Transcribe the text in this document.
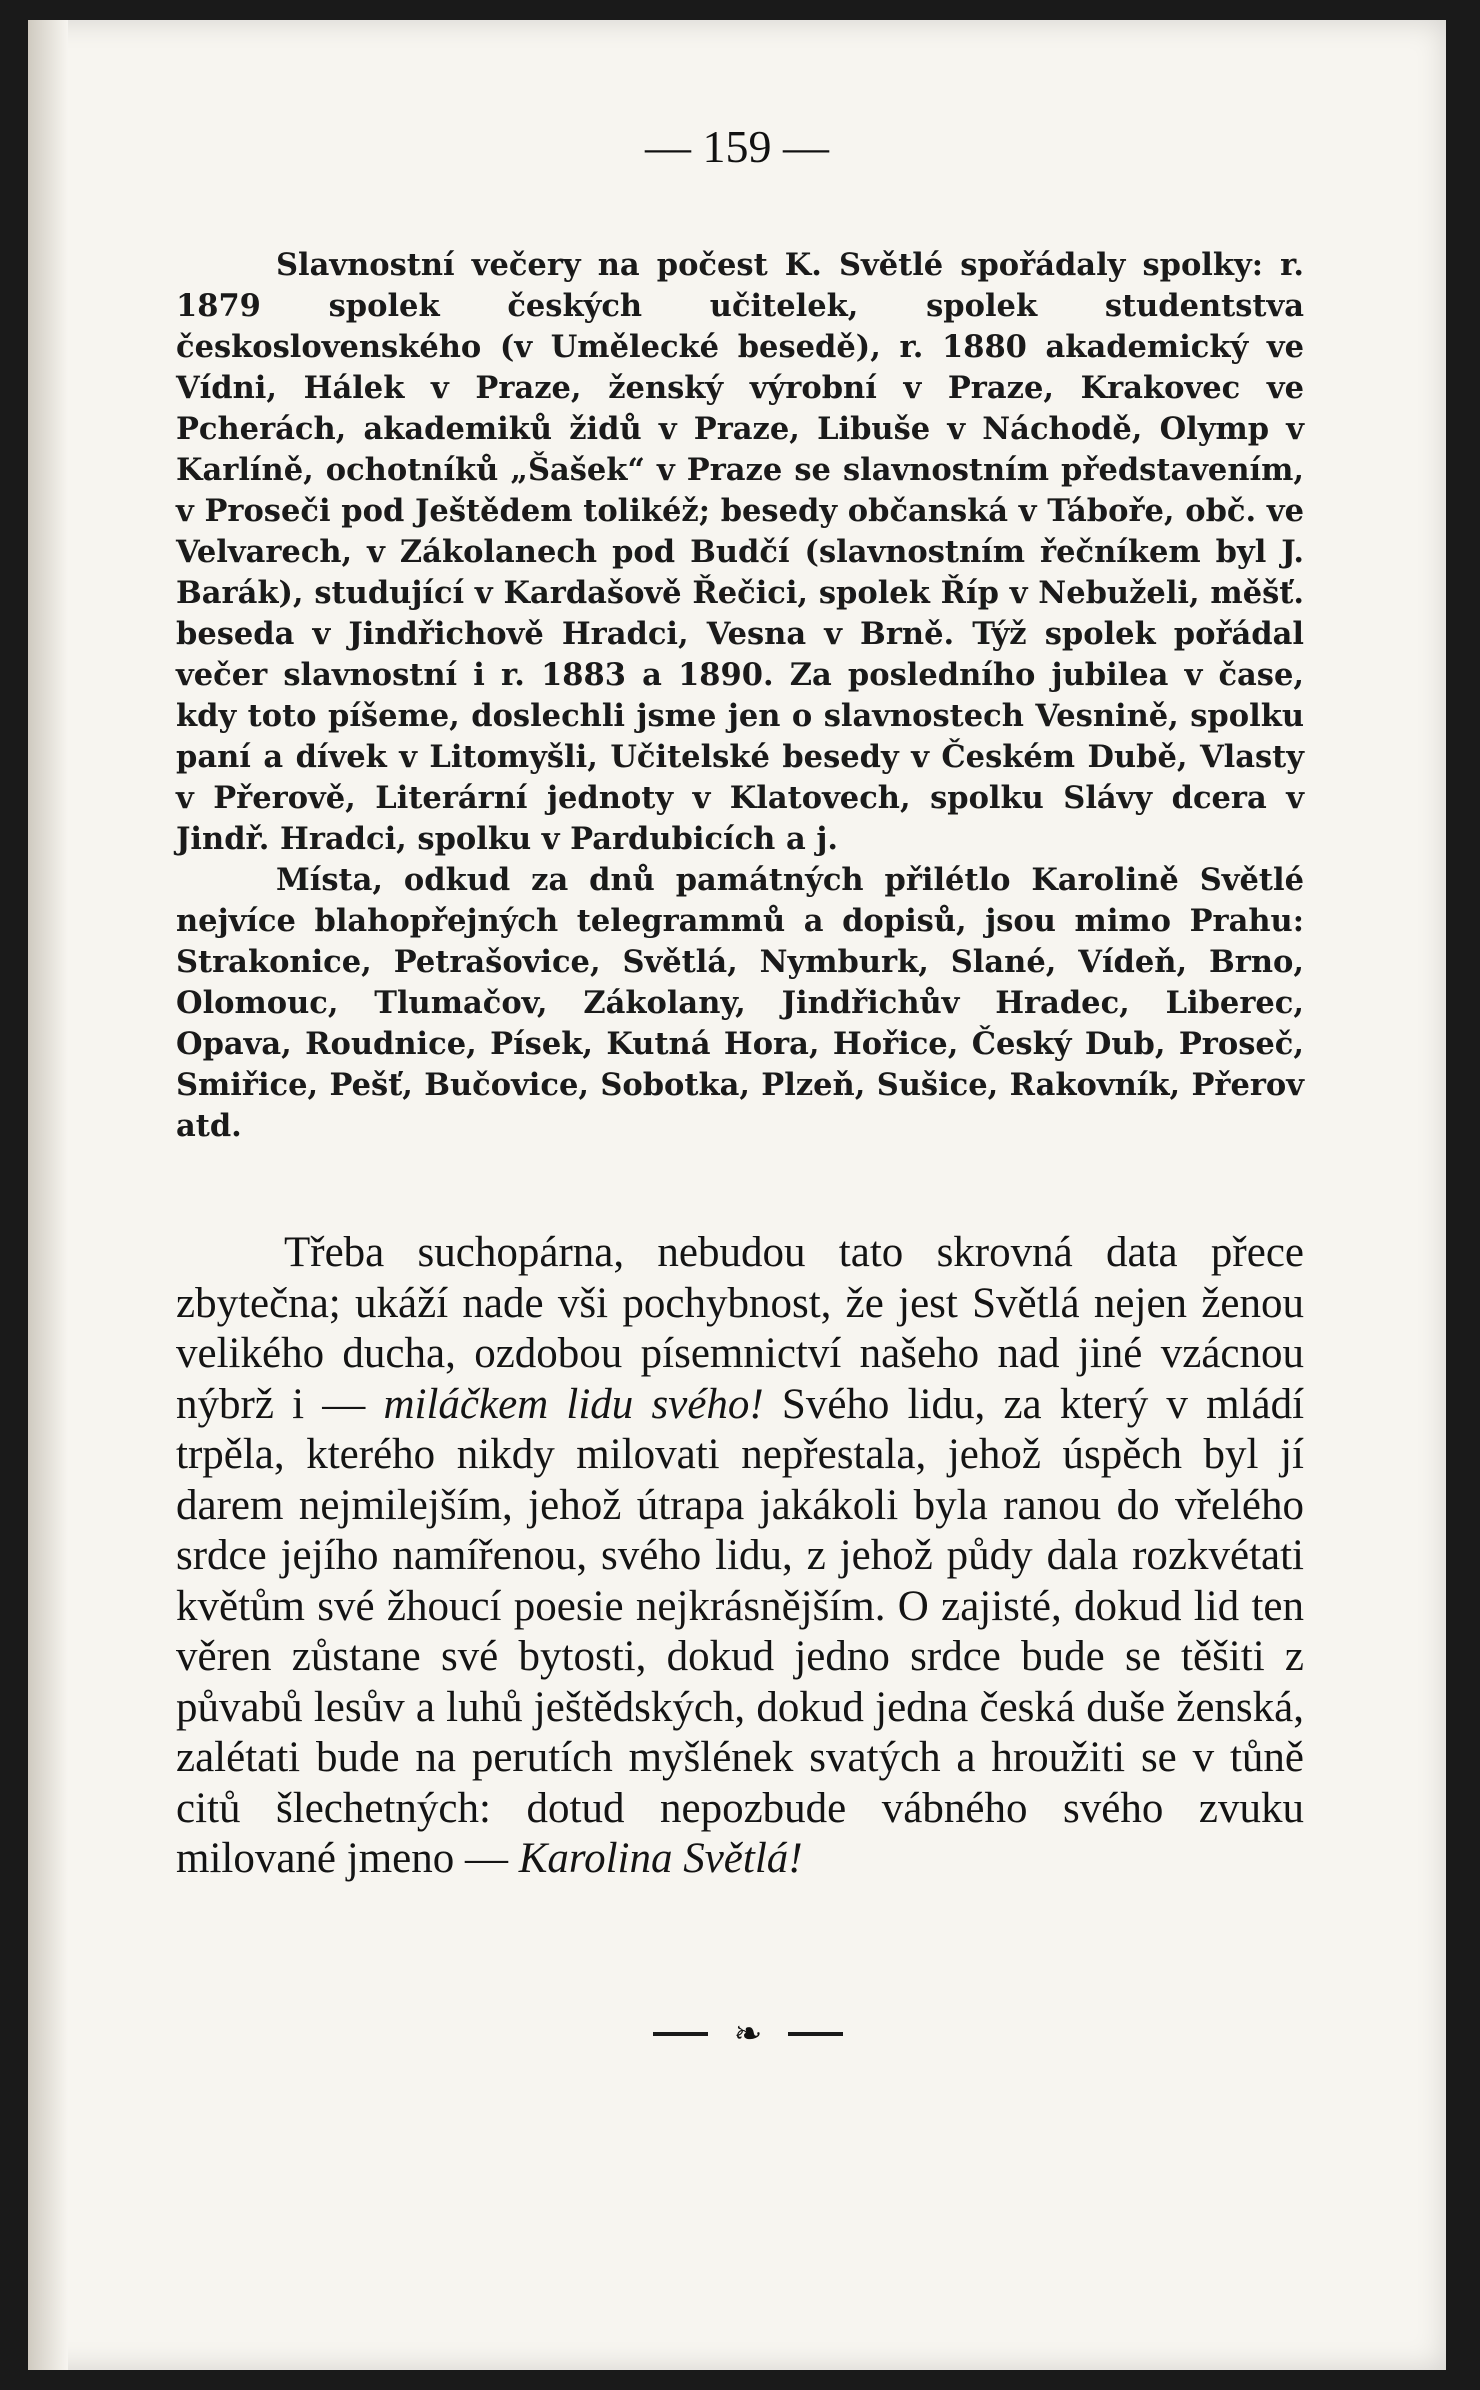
— 159 —

Slavnostní večery na počest K. Světlé spořádaly spolky: r. 1879 spolek českých učitelek, spolek studentstva československého (v Umělecké besedě), r. 1880 akademický ve Vídni, Hálek v Praze, ženský výrobní v Praze, Krakovec ve Pcherách, akademiků židů v Praze, Libuše v Náchodě, Olymp v Karlíně, ochotníků „Šašek“ v Praze se slavnostním představením, v Proseči pod Ještědem tolikéž; besedy občanská v Táboře, obč. ve Velvarech, v Zákolanech pod Budčí (slavnostním řečníkem byl J. Barák), studující v Kardašově Řečici, spolek Říp v Nebuželi, měšť. beseda v Jindřichově Hradci, Vesna v Brně. Týž spolek pořádal večer slavnostní i r. 1883 a 1890. Za posledního jubilea v čase, kdy toto píšeme, doslechli jsme jen o slavnostech Vesnině, spolku paní a dívek v Litomyšli, Učitelské besedy v Českém Dubě, Vlasty v Přerově, Literární jednoty v Klatovech, spolku Slávy dcera v Jindř. Hradci, spolku v Pardubicích a j.

Místa, odkud za dnů památných přilétlo Karolině Světlé nejvíce blahopřejných telegrammů a dopisů, jsou mimo Prahu: Strakonice, Petrašovice, Světlá, Nymburk, Slané, Vídeň, Brno, Olomouc, Tlumačov, Zákolany, Jindřichův Hradec, Liberec, Opava, Roudnice, Písek, Kutná Hora, Hořice, Český Dub, Proseč, Smiřice, Pešť, Bučovice, Sobotka, Plzeň, Sušice, Rakovník, Přerov atd.

Třeba suchopárna, nebudou tato skrovná data přece zbytečna; ukáží nade vši pochybnost, že jest Světlá nejen ženou velikého ducha, ozdobou písemnictví našeho nad jiné vzácnou nýbrž i — miláčkem lidu svého! Svého lidu, za který v mládí trpěla, kterého nikdy milovati nepřestala, jehož úspěch byl jí darem nejmilejším, jehož útrapa jakákoli byla ranou do vřelého srdce jejího namířenou, svého lidu, z jehož půdy dala rozkvétati květům své žhoucí poesie nejkrásnějším. O zajisté, dokud lid ten věren zůstane své bytosti, dokud jedno srdce bude se těšiti z půvabů lesův a luhů ještědských, dokud jedna česká duše ženská, zalétati bude na perutích myšlének svatých a hroužiti se v tůně citů šlechetných: dotud nepozbude vábného svého zvuku milované jmeno — Karolina Světlá!

❧
